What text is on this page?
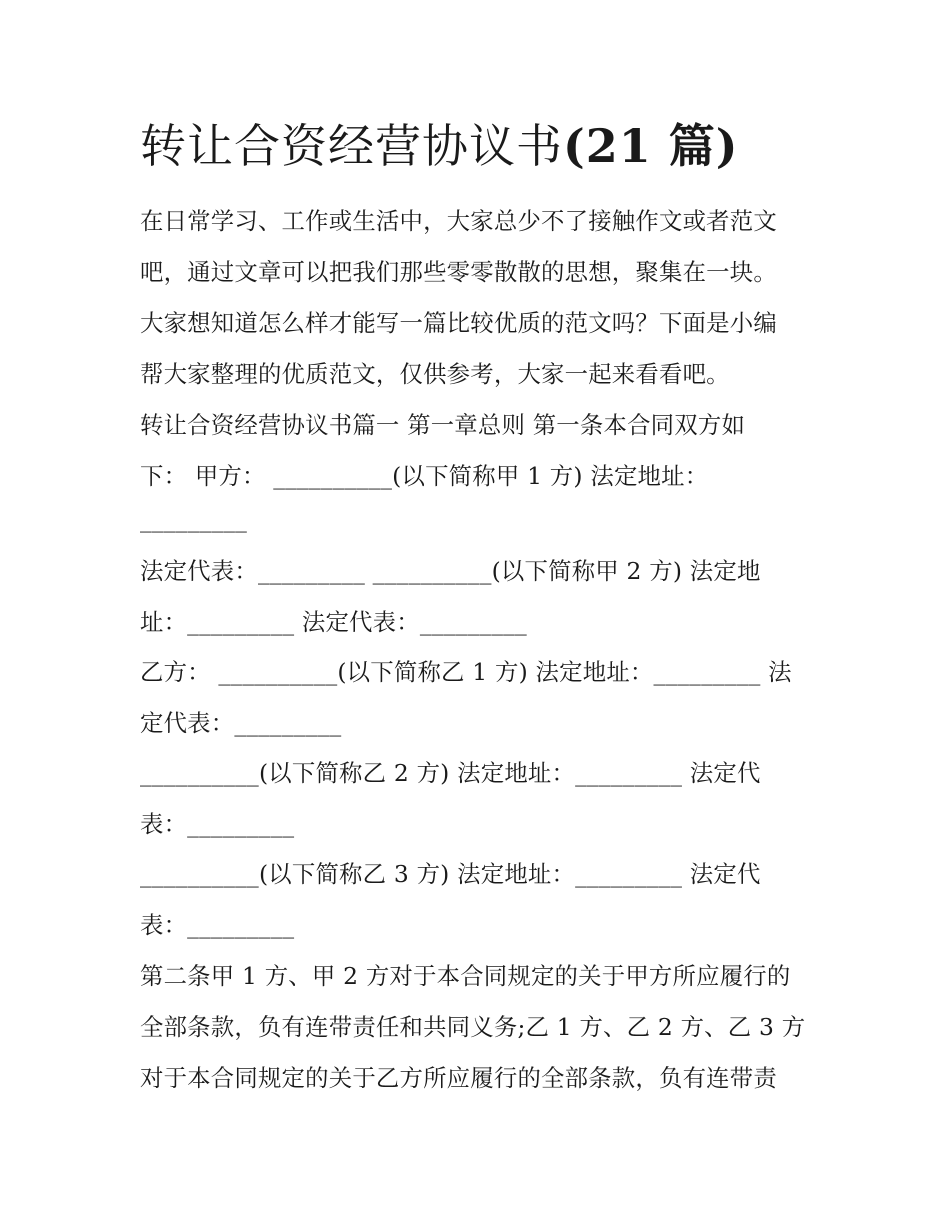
转让合资经营协议书(21 篇)
在日常学习、工作或生活中，大家总少不了接触作文或者范文
吧，通过文章可以把我们那些零零散散的思想，聚集在一块。
大家想知道怎么样才能写一篇比较优质的范文吗？下面是小编
帮大家整理的优质范文，仅供参考，大家一起来看看吧。
转让合资经营协议书篇一 第一章总则 第一条本合同双方如
下： 甲方： __________(以下简称甲 1 方) 法定地址：
_________
法定代表：_________ __________(以下简称甲 2 方) 法定地
址：_________ 法定代表：_________
乙方： __________(以下简称乙 1 方) 法定地址：_________ 法
定代表：_________
__________(以下简称乙 2 方) 法定地址：_________ 法定代
表：_________
__________(以下简称乙 3 方) 法定地址：_________ 法定代
表：_________
第二条甲 1 方、甲 2 方对于本合同规定的关于甲方所应履行的
全部条款，负有连带责任和共同义务;乙 1 方、乙 2 方、乙 3 方
对于本合同规定的关于乙方所应履行的全部条款，负有连带责
